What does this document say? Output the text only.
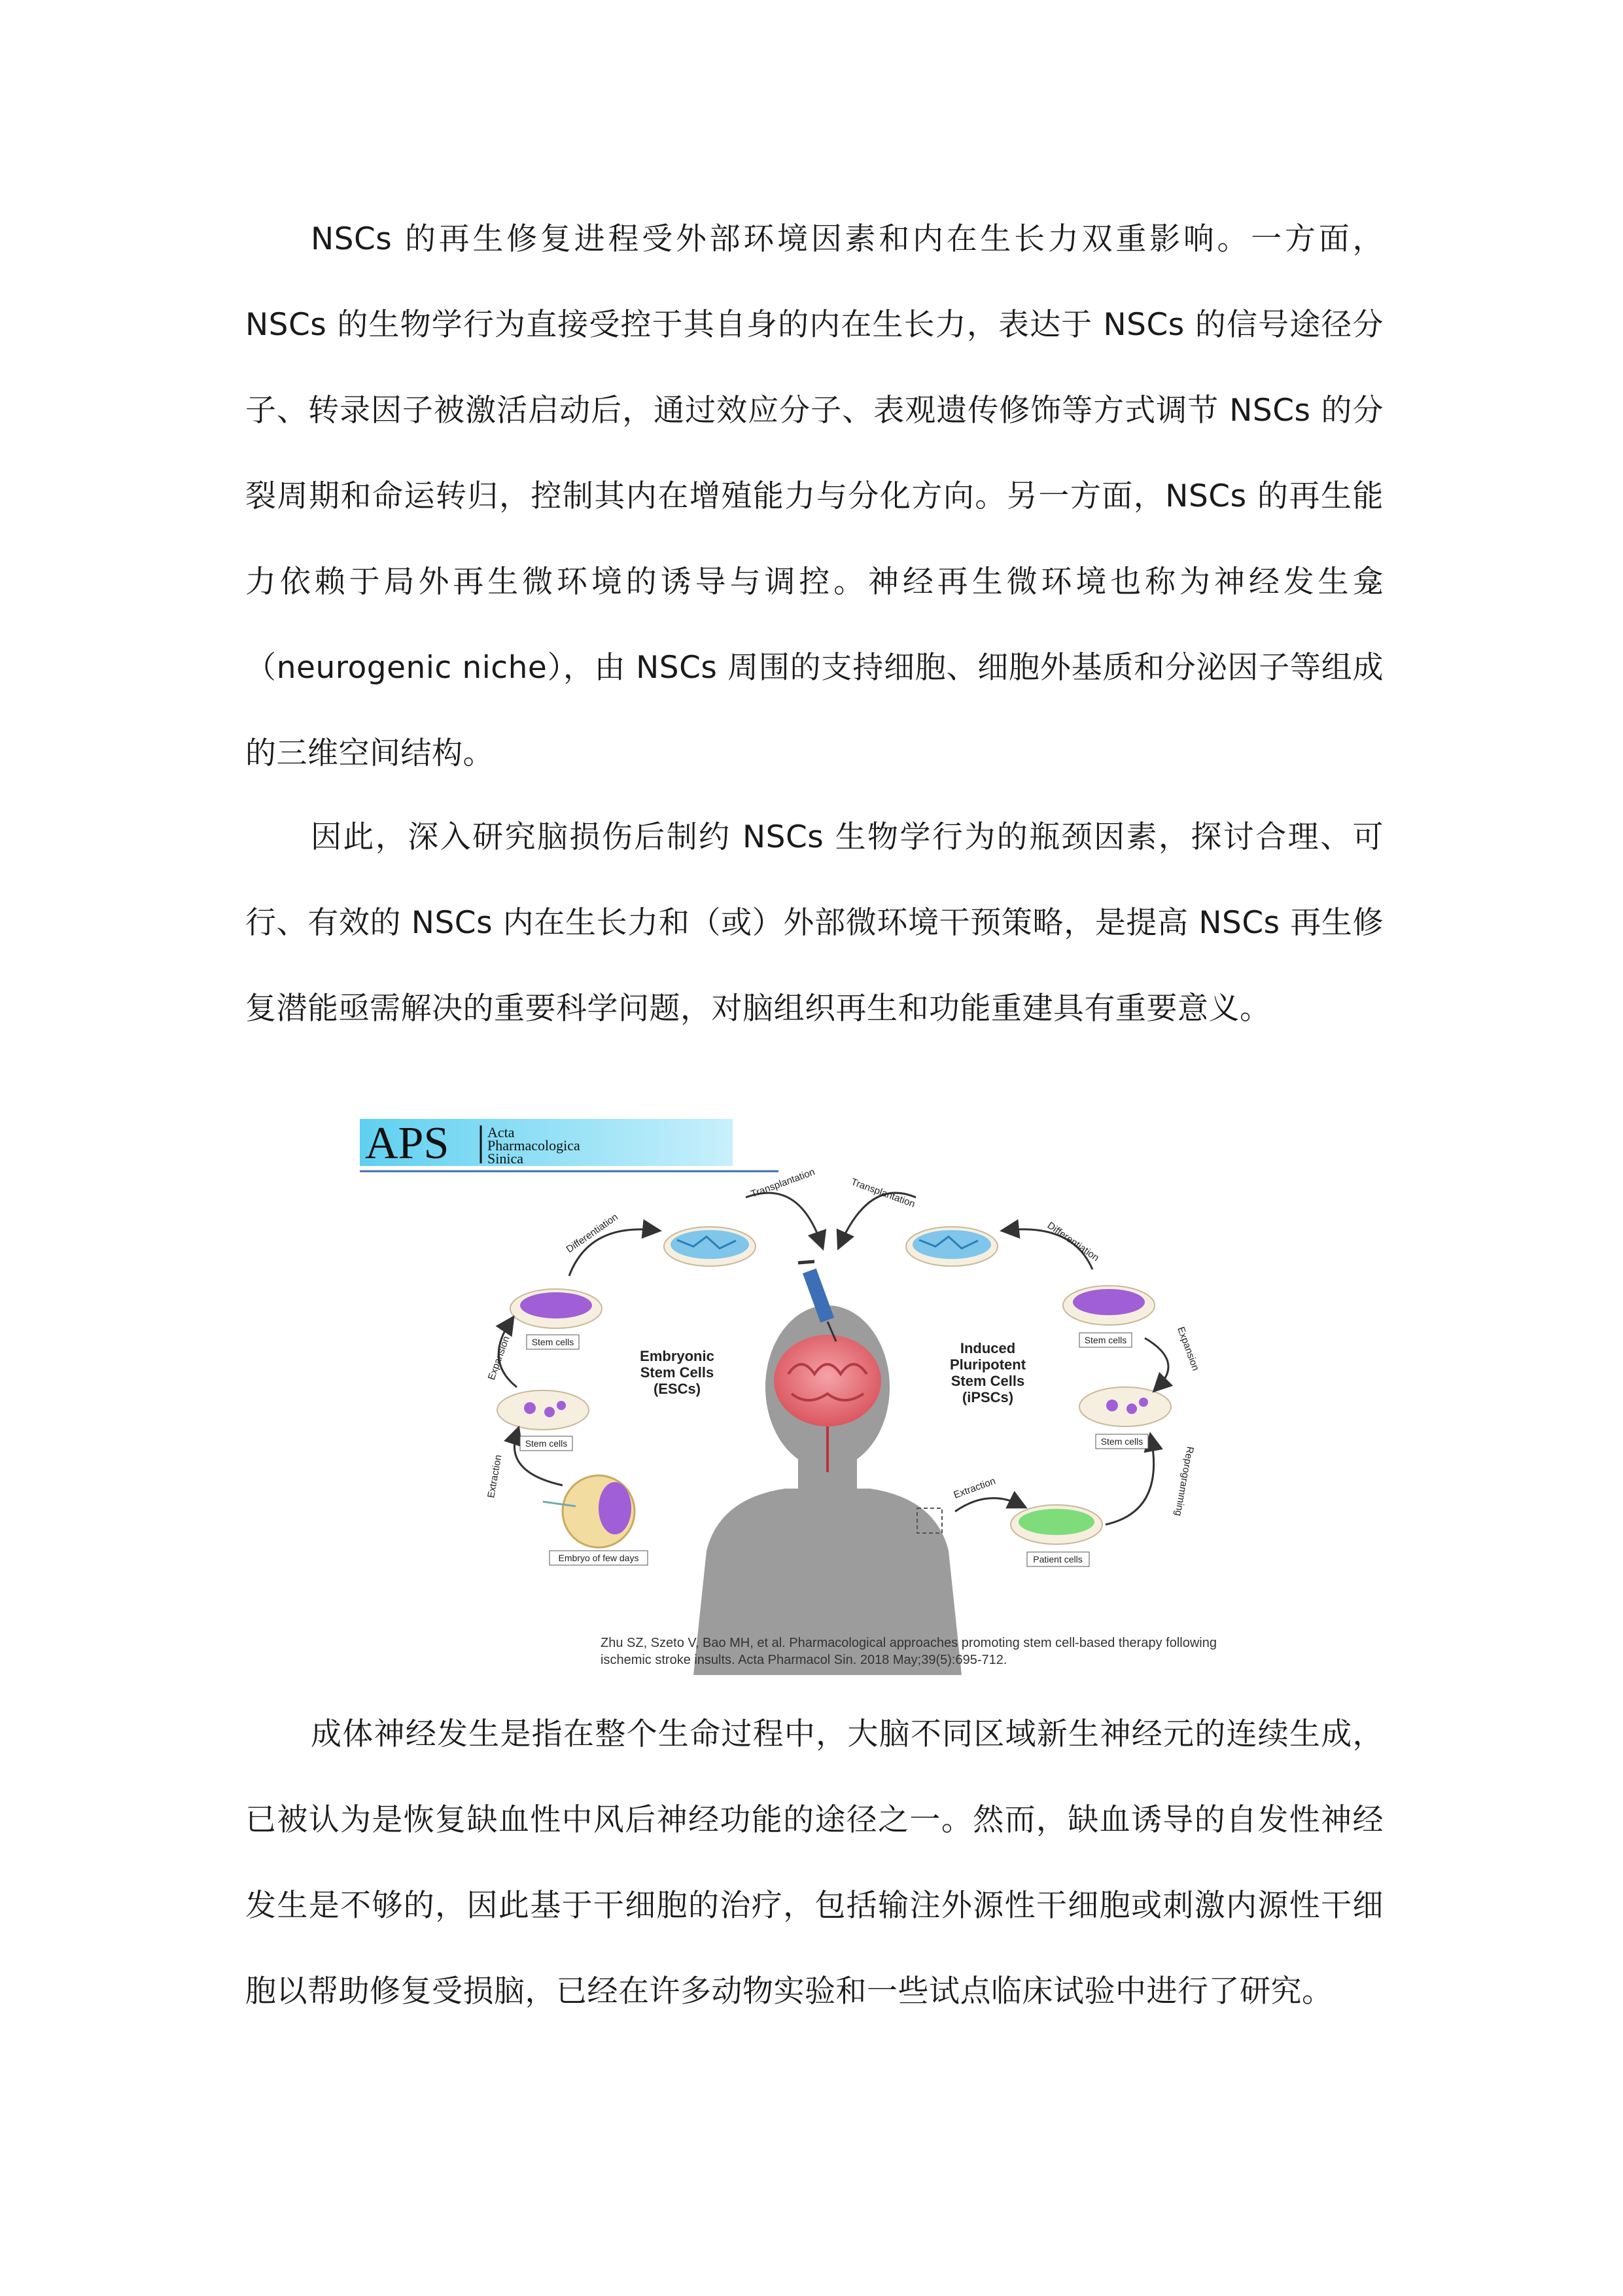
NSCs 的再生修复进程受外部环境因素和内在生长力双重影响。一方面，NSCs 的生物学行为直接受控于其自身的内在生长力，表达于 NSCs 的信号途径分子、转录因子被激活启动后，通过效应分子、表观遗传修饰等方式调节 NSCs 的分裂周期和命运转归，控制其内在增殖能力与分化方向。另一方面，NSCs 的再生能力依赖于局外再生微环境的诱导与调控。神经再生微环境也称为神经发生龛（neurogenic niche），由 NSCs 周围的支持细胞、细胞外基质和分泌因子等组成的三维空间结构。

因此，深入研究脑损伤后制约 NSCs 生物学行为的瓶颈因素，探讨合理、可行、有效的 NSCs 内在生长力和（或）外部微环境干预策略，是提高 NSCs 再生修复潜能亟需解决的重要科学问题，对脑组织再生和功能重建具有重要意义。

APS	Acta
Pharmacologica
Sinica
Embryonic
Stem Cells
(ESCs)
Induced
Pluripotent
Stem Cells
(iPSCs)
Transplantation	Transplantation
Differentiation	Differentiation
Expansion	Expansion
Extraction	Extraction	Reprogramming
Stem cells
Stem cells
Stem cells
Stem cells
Embryo of few days	Patient cells
Zhu SZ, Szeto V, Bao MH, et al. Pharmacological approaches promoting stem cell-based therapy following
ischemic stroke insults. Acta Pharmacol Sin. 2018 May;39(5):695-712.

成体神经发生是指在整个生命过程中，大脑不同区域新生神经元的连续生成，已被认为是恢复缺血性中风后神经功能的途径之一。然而，缺血诱导的自发性神经发生是不够的，因此基于干细胞的治疗，包括输注外源性干细胞或刺激内源性干细胞以帮助修复受损脑，已经在许多动物实验和一些试点临床试验中进行了研究。
